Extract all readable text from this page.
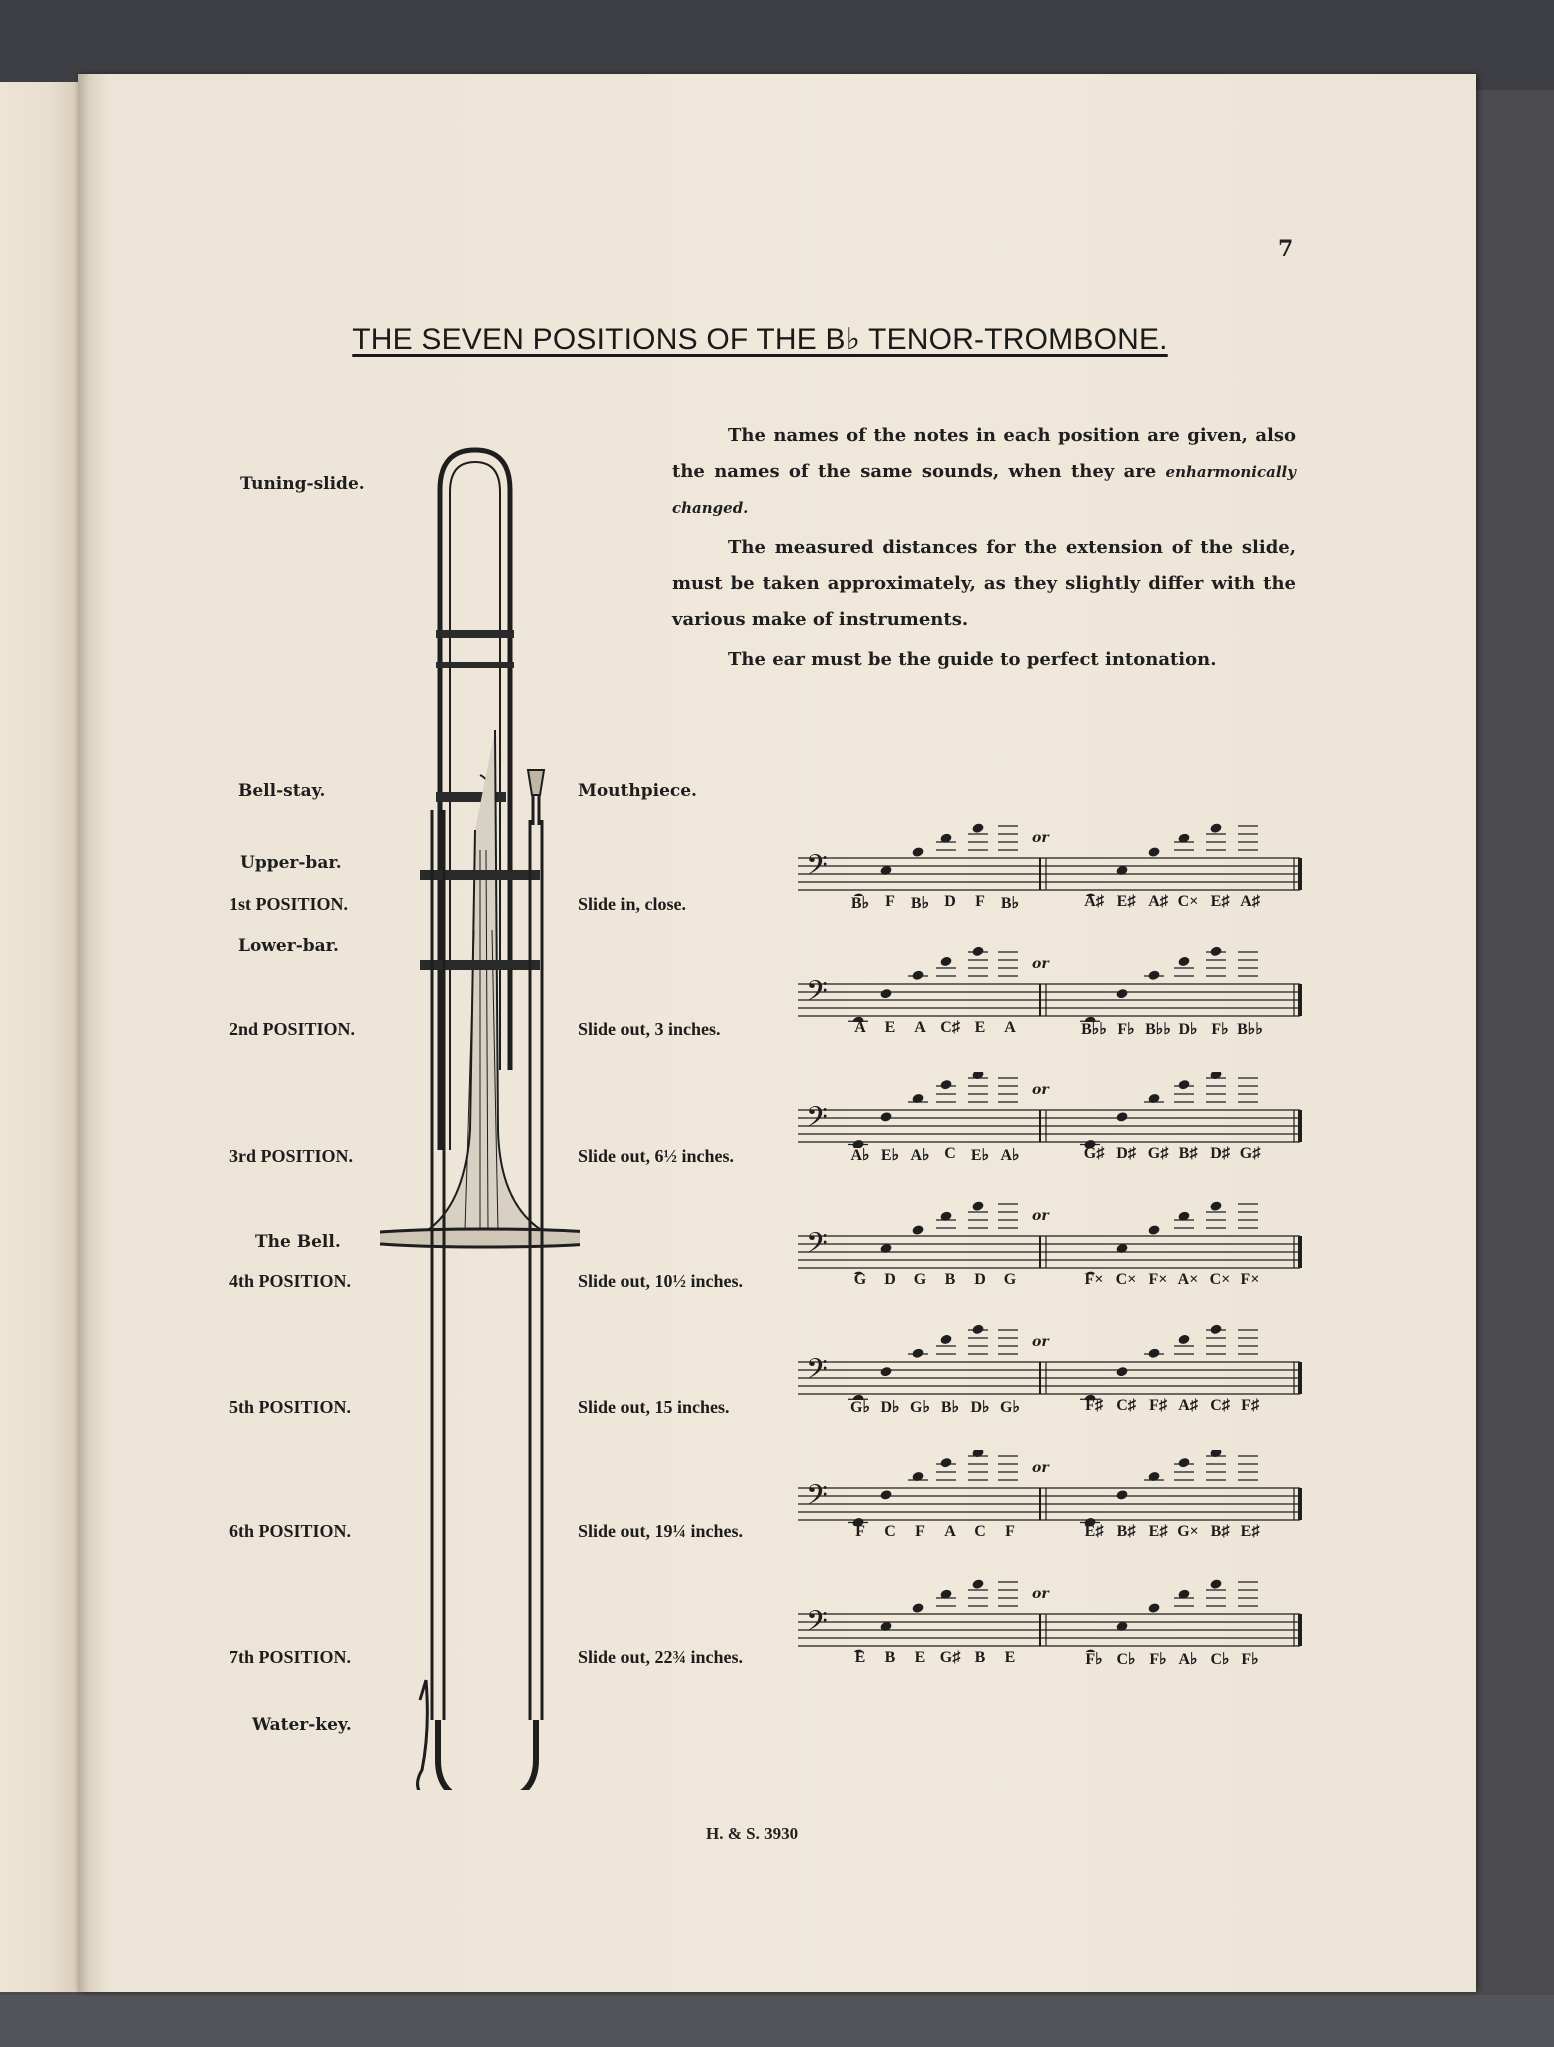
7
THE SEVEN POSITIONS OF THE B♭ TENOR-TROMBONE.

The names of the notes in each position are given, also the names of the same sounds, when they are enharmonically changed.

The measured distances for the extension of the slide, must be taken approximately, as they slightly differ with the various make of instruments.

The ear must be the guide to perfect intonation.

Tuning-slide.
Bell-stay.	Mouthpiece.
Upper-bar.
Lower-bar.
The Bell.
Water-key.
1st POSITION.	Slide in, close.
2nd POSITION.	Slide out, 3 inches.
3rd POSITION.	Slide out, 6½ inches.
4th POSITION.	Slide out, 10½ inches.
5th POSITION.	Slide out, 15 inches.
6th POSITION.	Slide out, 19¼ inches.
7th POSITION.	Slide out, 22¾ inches.
𝄢
or
B♭ F B♭ D F B♭	A♯ E♯ A♯ C× E♯ A♯
𝄢
or
A E A C♯ E A	B♭♭ F♭ B♭♭ D♭ F♭ B♭♭
𝄢
or
A♭ E♭ A♭ C E♭ A♭	G♯ D♯ G♯ B♯ D♯ G♯
𝄢
or
G D G B D G	F× C× F× A× C× F×
𝄢
or
G♭ D♭ G♭ B♭ D♭ G♭	F♯ C♯ F♯ A♯ C♯ F♯
𝄢
or
F C F A C F	E♯ B♯ E♯ G× B♯ E♯
𝄢
or
E B E G♯ B E	F♭ C♭ F♭ A♭ C♭ F♭
H. & S. 3930
